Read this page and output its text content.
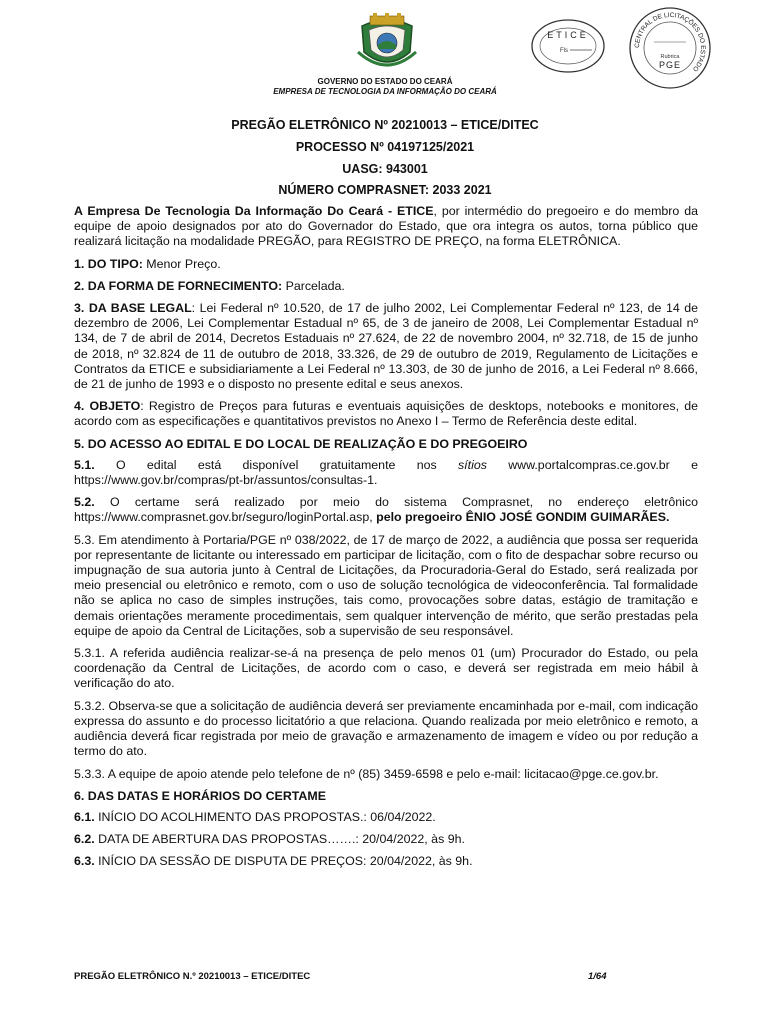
ETICE
Fls
CENTRAL DE LICITAÇÕES DO ESTADO
Rubrica
PGE
GOVERNO DO ESTADO DO CEARÁ
EMPRESA DE TECNOLOGIA DA INFORMAÇÃO DO CEARÁ
PREGÃO ELETRÔNICO Nº 20210013 – ETICE/DITEC
PROCESSO Nº 04197125/2021
UASG: 943001
NÚMERO COMPRASNET: 2033 2021

A Empresa De Tecnologia Da Informação Do Ceará - ETICE, por intermédio do pregoeiro e do membro da equipe de apoio designados por ato do Governador do Estado, que ora integra os autos, torna público que realizará licitação na modalidade PREGÃO, para REGISTRO DE PREÇO, na forma ELETRÔNICA.

1. DO TIPO: Menor Preço.

2. DA FORMA DE FORNECIMENTO: Parcelada.

3. DA BASE LEGAL: Lei Federal nº 10.520, de 17 de julho 2002, Lei Complementar Federal nº 123, de 14 de dezembro de 2006, Lei Complementar Estadual nº 65, de 3 de janeiro de 2008, Lei Complementar Estadual nº 134, de 7 de abril de 2014, Decretos Estaduais nº 27.624, de 22 de novembro 2004, nº 32.718, de 15 de junho de 2018, nº 32.824 de 11 de outubro de 2018, 33.326, de 29 de outubro de 2019, Regulamento de Licitações e Contratos da ETICE e subsidiariamente a Lei Federal nº 13.303, de 30 de junho de 2016, a Lei Federal nº 8.666, de 21 de junho de 1993 e o disposto no presente edital e seus anexos.

4. OBJETO: Registro de Preços para futuras e eventuais aquisições de desktops, notebooks e monitores, de acordo com as especificações e quantitativos previstos no Anexo I – Termo de Referência deste edital.

5. DO ACESSO AO EDITAL E DO LOCAL DE REALIZAÇÃO E DO PREGOEIRO

5.1. O edital está disponível gratuitamente nos sítios www.portalcompras.ce.gov.br e
https://www.gov.br/compras/pt-br/assuntos/consultas-1.

5.2. O certame será realizado por meio do sistema Comprasnet, no endereço eletrônico https://www.comprasnet.gov.br/seguro/loginPortal.asp, pelo pregoeiro ÊNIO JOSÉ GONDIM GUIMARÃES.

5.3. Em atendimento à Portaria/PGE nº 038/2022, de 17 de março de 2022, a audiência que possa ser requerida por representante de licitante ou interessado em participar de licitação, com o fito de despachar sobre recurso ou impugnação de sua autoria junto à Central de Licitações, da Procuradoria-Geral do Estado, será realizada por meio presencial ou eletrônico e remoto, com o uso de solução tecnológica de videoconferência. Tal formalidade não se aplica no caso de simples instruções, tais como, provocações sobre datas, estágio de tramitação e demais orientações meramente procedimentais, sem qualquer intervenção de mérito, que serão prestadas pela equipe de apoio da Central de Licitações, sob a supervisão de seu responsável.

5.3.1. A referida audiência realizar-se-á na presença de pelo menos 01 (um) Procurador do Estado, ou pela coordenação da Central de Licitações, de acordo com o caso, e deverá ser registrada em meio hábil à verificação do ato.

5.3.2. Observa-se que a solicitação de audiência deverá ser previamente encaminhada por e-mail, com indicação expressa do assunto e do processo licitatório a que relaciona. Quando realizada por meio eletrônico e remoto, a audiência deverá ficar registrada por meio de gravação e armazenamento de imagem e vídeo ou por redução a termo do ato.

5.3.3. A equipe de apoio atende pelo telefone de nº (85) 3459-6598 e pelo e-mail: licitacao@pge.ce.gov.br.

6. DAS DATAS E HORÁRIOS DO CERTAME

6.1. INÍCIO DO ACOLHIMENTO DAS PROPOSTAS.: 06/04/2022.

6.2. DATA DE ABERTURA DAS PROPOSTAS…….: 20/04/2022, às 9h.

6.3. INÍCIO DA SESSÃO DE DISPUTA DE PREÇOS: 20/04/2022, às 9h.

PREGÃO ELETRÔNICO N.º 20210013 – ETICE/DITEC	1/64
